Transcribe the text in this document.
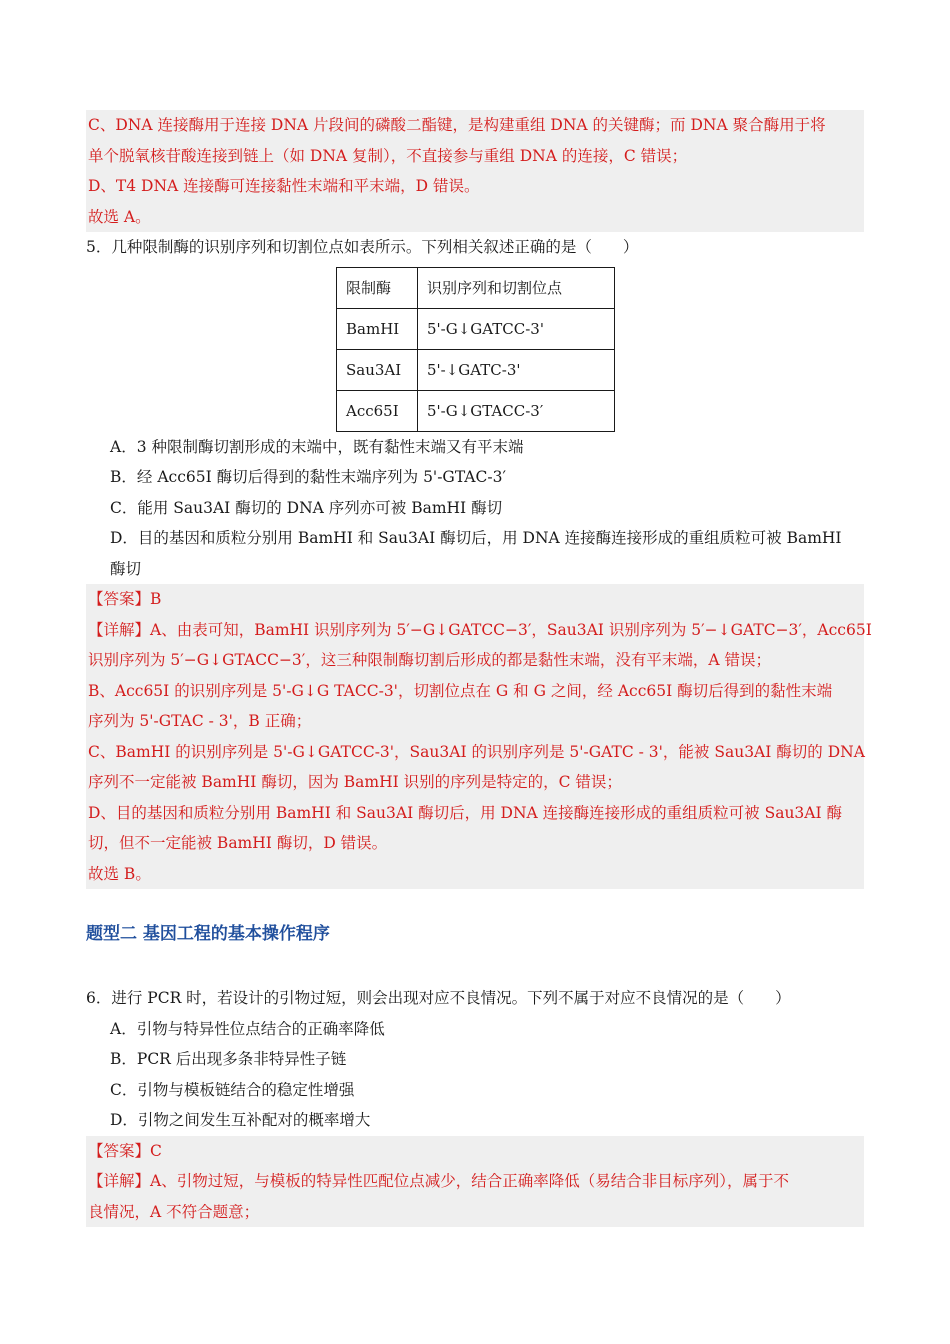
C、DNA 连接酶用于连接 DNA 片段间的磷酸二酯键，是构建重组 DNA 的关键酶；而 DNA 聚合酶用于将
单个脱氧核苷酸连接到链上（如 DNA 复制），不直接参与重组 DNA 的连接，C 错误；
D、T4 DNA 连接酶可连接黏性末端和平末端，D 错误。
故选 A。
5．几种限制酶的识别序列和切割位点如表所示。下列相关叙述正确的是（　　）
限制酶	识别序列和切割位点
BamHI	5'-G↓GATCC-3'
Sau3AI	5'-↓GATC-3'
Acc65I	5'-G↓GTACC-3′
A．3 种限制酶切割形成的末端中，既有黏性末端又有平末端
B．经 Acc65I 酶切后得到的黏性末端序列为 5'-GTAC-3′
C．能用 Sau3AI 酶切的 DNA 序列亦可被 BamHI 酶切
D．目的基因和质粒分别用 BamHI 和 Sau3AI 酶切后，用 DNA 连接酶连接形成的重组质粒可被 BamHI
酶切
【答案】B
【详解】A、由表可知，BamHI 识别序列为 5′−G↓GATCC−3′，Sau3AI 识别序列为 5′−↓GATC−3′，Acc65I
识别序列为 5′−G↓GTACC−3′，这三种限制酶切割后形成的都是黏性末端，没有平末端，A 错误；
B、Acc65I 的识别序列是 5'-G↓G TACC-3'，切割位点在 G 和 G 之间，经 Acc65I 酶切后得到的黏性末端
序列为 5'-GTAC - 3'，B 正确；
C、BamHI 的识别序列是 5'-G↓GATCC-3'，Sau3AI 的识别序列是 5'-GATC - 3'，能被 Sau3AI 酶切的 DNA
序列不一定能被 BamHI 酶切，因为 BamHI 识别的序列是特定的，C 错误；
D、目的基因和质粒分别用 BamHI 和 Sau3AI 酶切后，用 DNA 连接酶连接形成的重组质粒可被 Sau3AI 酶
切，但不一定能被 BamHI 酶切，D 错误。
故选 B。
题型二 基因工程的基本操作程序
6．进行 PCR 时，若设计的引物过短，则会出现对应不良情况。下列不属于对应不良情况的是（　　）
A．引物与特异性位点结合的正确率降低
B．PCR 后出现多条非特异性子链
C．引物与模板链结合的稳定性增强
D．引物之间发生互补配对的概率增大
【答案】C
【详解】A、引物过短，与模板的特异性匹配位点减少，结合正确率降低（易结合非目标序列），属于不
良情况，A 不符合题意；
